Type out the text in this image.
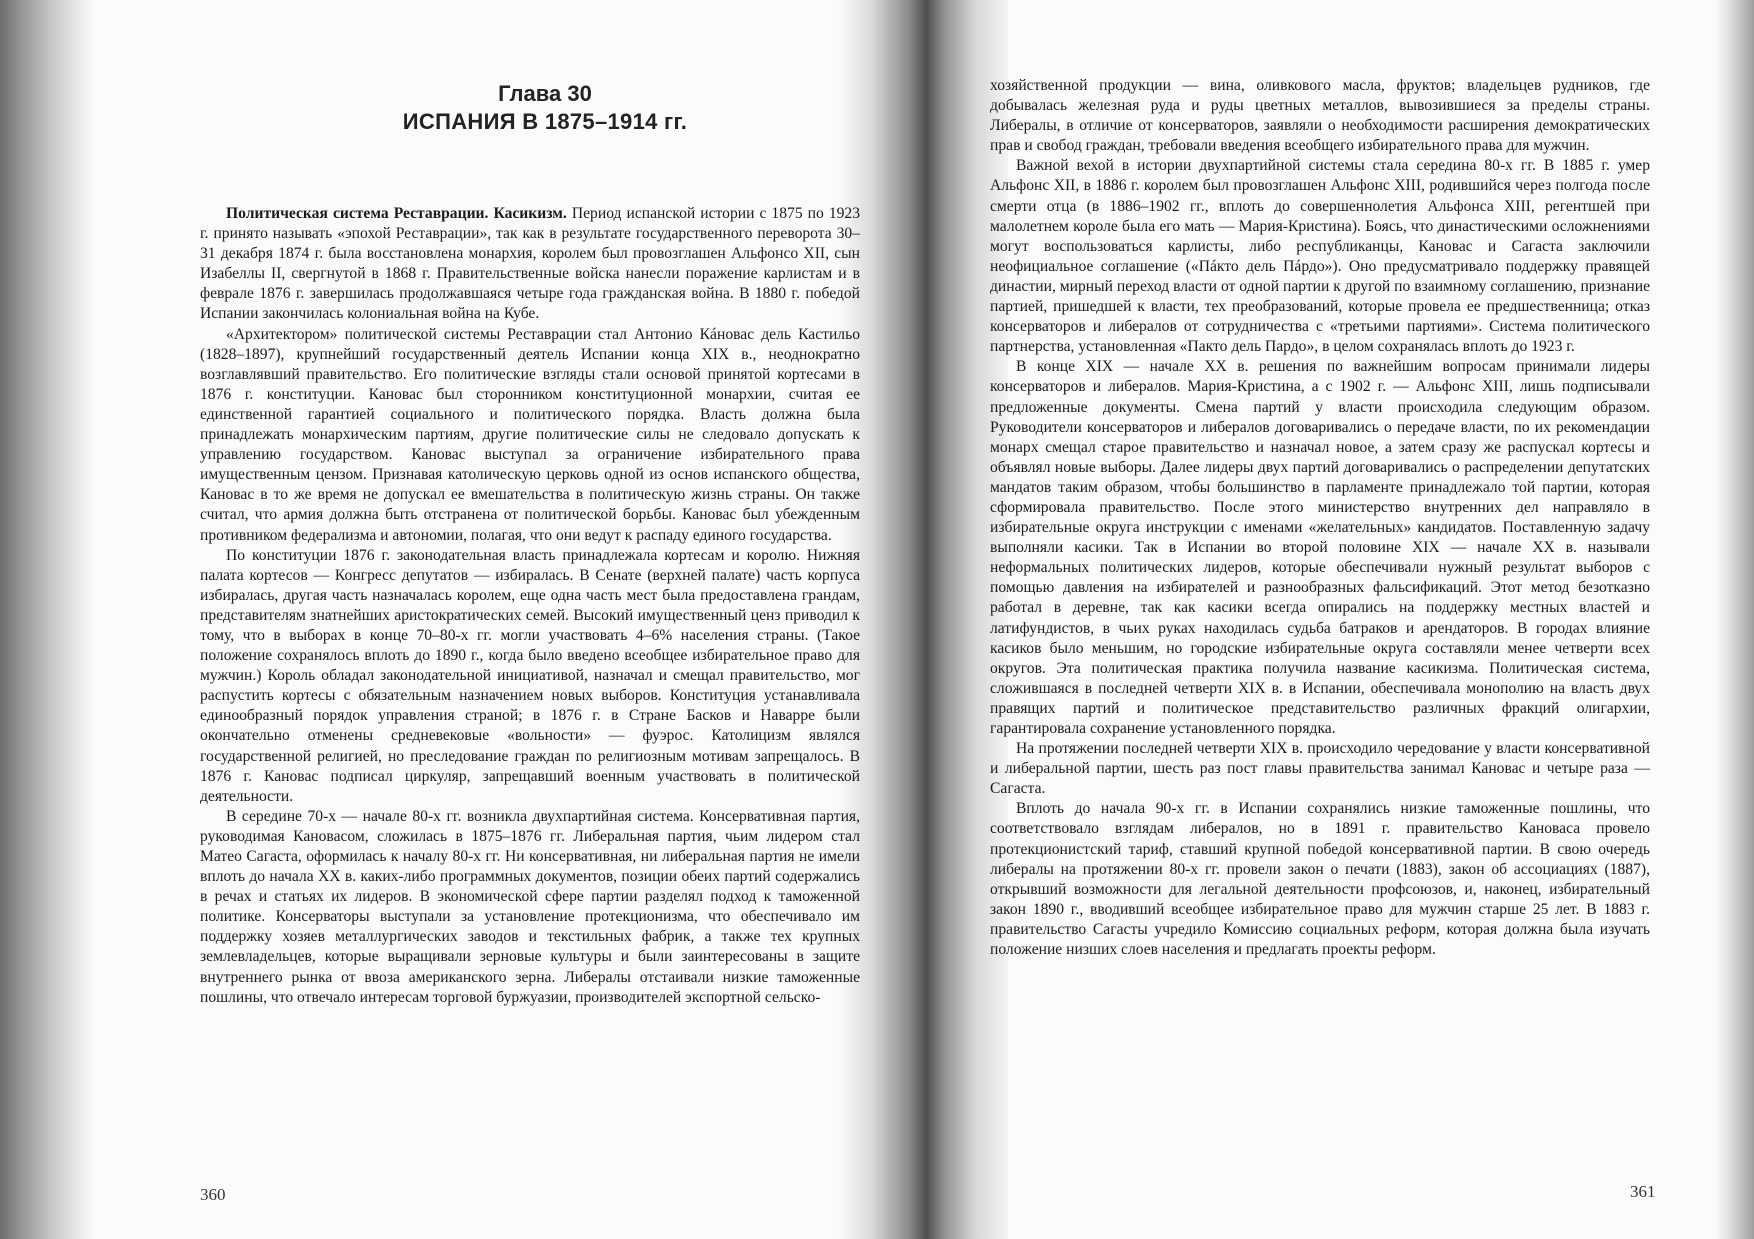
Глава 30
ИСПАНИЯ В 1875–1914 гг.

Политическая система Реставрации. Касикизм. Период испанской истории с 1875 по 1923 г. принято называть «эпохой Реставрации», так как в результате государственного переворота 30–31 декабря 1874 г. была восстановлена монархия, королем был провозглашен Альфонсо XII, сын Изабеллы II, свергнутой в 1868 г. Правительственные войска нанесли поражение карлистам и в феврале 1876 г. завершилась продолжавшаяся четыре года гражданская война. В 1880 г. победой Испании закончилась колониальная война на Кубе.

«Архитектором» политической системы Реставрации стал Антонио Кáновас дель Кастильо (1828–1897), крупнейший государственный деятель Испании конца XIX в., неоднократно возглавлявший правительство. Его политические взгляды стали основой принятой кортесами в 1876 г. конституции. Кановас был сторонником конституционной монархии, считая ее единственной гарантией социального и политического порядка. Власть должна была принадлежать монархическим партиям, другие политические силы не следовало допускать к управлению государством. Кановас выступал за ограничение избирательного права имущественным цензом. Признавая католическую церковь одной из основ испанского общества, Кановас в то же время не допускал ее вмешательства в политическую жизнь страны. Он также считал, что армия должна быть отстранена от политической борьбы. Кановас был убежденным противником федерализма и автономии, полагая, что они ведут к распаду единого государства.

По конституции 1876 г. законодательная власть принадлежала кортесам и королю. Нижняя палата кортесов — Конгресс депутатов — избиралась. В Сенате (верхней палате) часть корпуса избиралась, другая часть назначалась королем, еще одна часть мест была предоставлена грандам, представителям знатнейших аристократических семей. Высокий имущественный ценз приводил к тому, что в выборах в конце 70–80-х гг. могли участвовать 4–6% населения страны. (Такое положение сохранялось вплоть до 1890 г., когда было введено всеобщее избирательное право для мужчин.) Король обладал законодательной инициативой, назначал и смещал правительство, мог распустить кортесы с обязательным назначением новых выборов. Конституция устанавливала единообразный порядок управления страной; в 1876 г. в Стране Басков и Наварре были окончательно отменены средневековые «вольности» — фуэрос. Католицизм являлся государственной религией, но преследование граждан по религиозным мотивам запрещалось. В 1876 г. Кановас подписал циркуляр, запрещавший военным участвовать в политической деятельности.

В середине 70-х — начале 80-х гг. возникла двухпартийная система. Консервативная партия, руководимая Кановасом, сложилась в 1875–1876 гг. Либеральная партия, чьим лидером стал Матео Сагаста, оформилась к началу 80-х гг. Ни консервативная, ни либеральная партия не имели вплоть до начала XX в. каких-либо программных документов, позиции обеих партий содержались в речах и статьях их лидеров. В экономической сфере партии разделял подход к таможенной политике. Консерваторы выступали за установление протекционизма, что обеспечивало им поддержку хозяев металлургических заводов и текстильных фабрик, а также тех крупных землевладельцев, которые выращивали зерновые культуры и были заинтересованы в защите внутреннего рынка от ввоза американского зерна. Либералы отстаивали низкие таможенные пошлины, что отвечало интересам торговой буржуазии, производителей экспортной сельско-

хозяйственной продукции — вина, оливкового масла, фруктов; владельцев рудников, где добывалась железная руда и руды цветных металлов, вывозившиеся за пределы страны. Либералы, в отличие от консерваторов, заявляли о необходимости расширения демократических прав и свобод граждан, требовали введения всеобщего избирательного права для мужчин.

Важной вехой в истории двухпартийной системы стала середина 80-х гг. В 1885 г. умер Альфонс XII, в 1886 г. королем был провозглашен Альфонс XIII, родившийся через полгода после смерти отца (в 1886–1902 гг., вплоть до совершеннолетия Альфонса XIII, регентшей при малолетнем короле была его мать — Мария-Кристина). Боясь, что династическими осложнениями могут воспользоваться карлисты, либо республиканцы, Кановас и Сагаста заключили неофициальное соглашение («Пáкто дель Пáрдо»). Оно предусматривало поддержку правящей династии, мирный переход власти от одной партии к другой по взаимному соглашению, признание партией, пришедшей к власти, тех преобразований, которые провела ее предшественница; отказ консерваторов и либералов от сотрудничества с «третьими партиями». Система политического партнерства, установленная «Пакто дель Пардо», в целом сохранялась вплоть до 1923 г.

В конце XIX — начале XX в. решения по важнейшим вопросам принимали лидеры консерваторов и либералов. Мария-Кристина, а с 1902 г. — Альфонс XIII, лишь подписывали предложенные документы. Смена партий у власти происходила следующим образом. Руководители консерваторов и либералов договаривались о передаче власти, по их рекомендации монарх смещал старое правительство и назначал новое, а затем сразу же распускал кортесы и объявлял новые выборы. Далее лидеры двух партий договаривались о распределении депутатских мандатов таким образом, чтобы большинство в парламенте принадлежало той партии, которая сформировала правительство. После этого министерство внутренних дел направляло в избирательные округа инструкции с именами «желательных» кандидатов. Поставленную задачу выполняли касики. Так в Испании во второй половине XIX — начале XX в. называли неформальных политических лидеров, которые обеспечивали нужный результат выборов с помощью давления на избирателей и разнообразных фальсификаций. Этот метод безотказно работал в деревне, так как касики всегда опирались на поддержку местных властей и латифундистов, в чьих руках находилась судьба батраков и арендаторов. В городах влияние касиков было меньшим, но городские избирательные округа составляли менее четверти всех округов. Эта политическая практика получила название касикизма. Политическая система, сложившаяся в последней четверти XIX в. в Испании, обеспечивала монополию на власть двух правящих партий и политическое представительство различных фракций олигархии, гарантировала сохранение установленного порядка.

На протяжении последней четверти XIX в. происходило чередование у власти консервативной и либеральной партии, шесть раз пост главы правительства занимал Кановас и четыре раза — Сагаста.

Вплоть до начала 90-х гг. в Испании сохранялись низкие таможенные пошлины, что соответствовало взглядам либералов, но в 1891 г. правительство Кановаса провело протекционистский тариф, ставший крупной победой консервативной партии. В свою очередь либералы на протяжении 80-х гг. провели закон о печати (1883), закон об ассоциациях (1887), открывший возможности для легальной деятельности профсоюзов, и, наконец, избирательный закон 1890 г., вводивший всеобщее избирательное право для мужчин старше 25 лет. В 1883 г. правительство Сагасты учредило Комиссию социальных реформ, которая должна была изучать положение низших слоев населения и предлагать проекты реформ.

360	361
